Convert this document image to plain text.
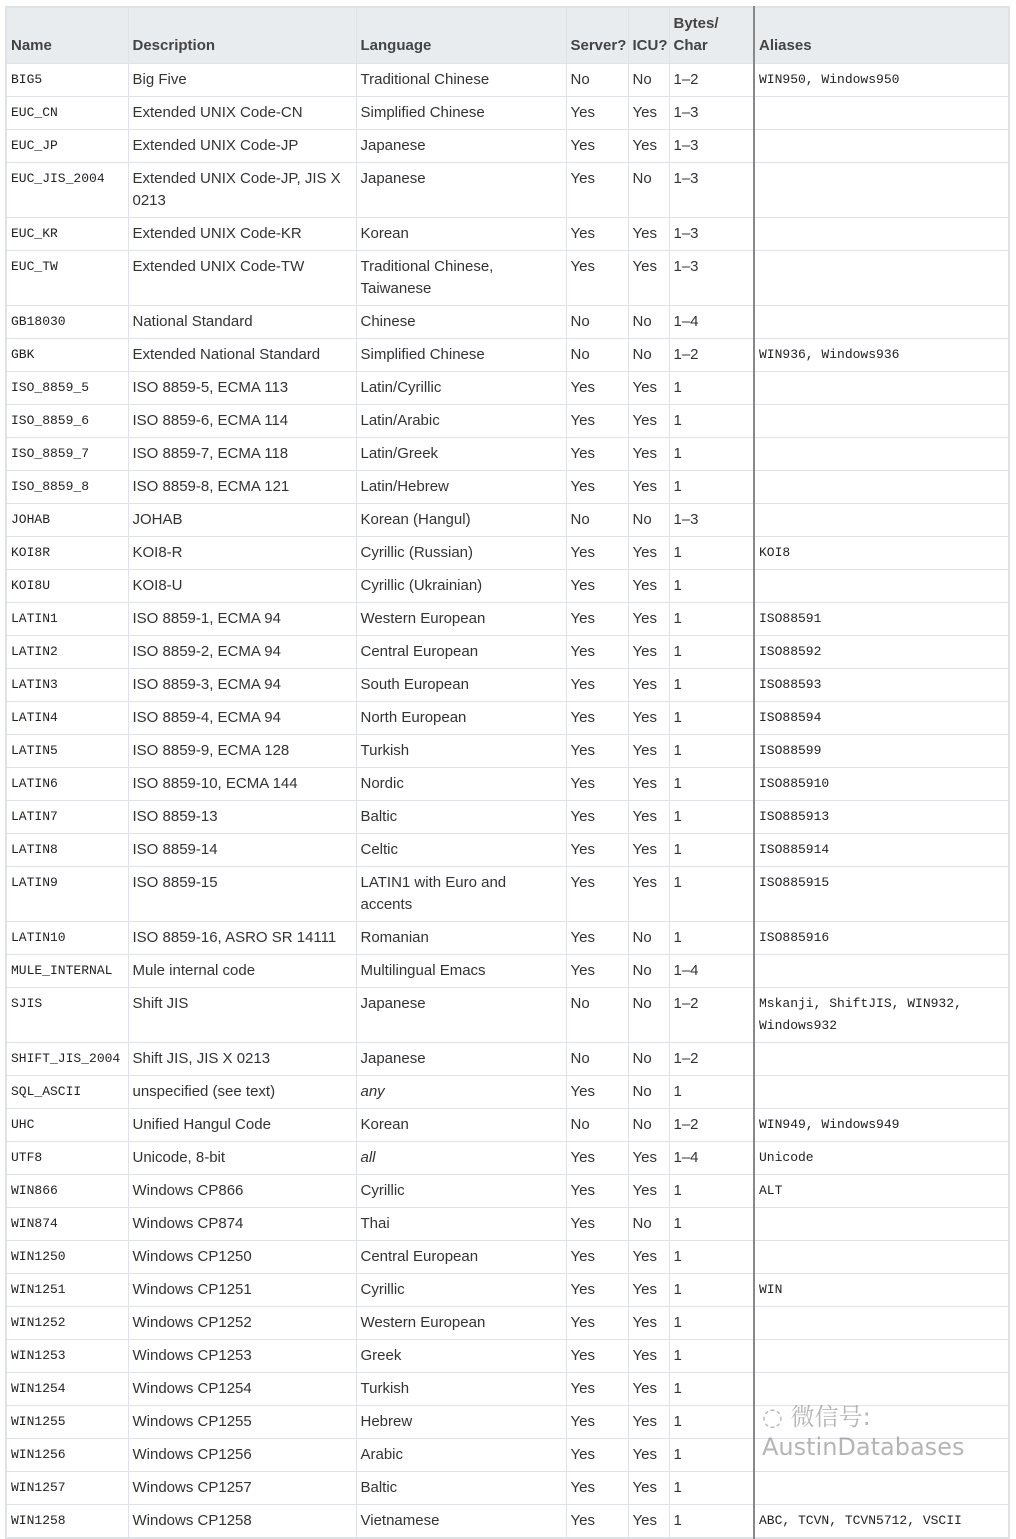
Name	Description	Language	Server?	ICU?	Bytes/ Char	Aliases
BIG5	Big Five	Traditional Chinese	No	No	1–2	WIN950, Windows950
EUC_CN	Extended UNIX Code-CN	Simplified Chinese	Yes	Yes	1–3	
EUC_JP	Extended UNIX Code-JP	Japanese	Yes	Yes	1–3	
EUC_JIS_2004	Extended UNIX Code-JP, JIS X 0213	Japanese	Yes	No	1–3	
EUC_KR	Extended UNIX Code-KR	Korean	Yes	Yes	1–3	
EUC_TW	Extended UNIX Code-TW	Traditional Chinese, Taiwanese	Yes	Yes	1–3	
GB18030	National Standard	Chinese	No	No	1–4	
GBK	Extended National Standard	Simplified Chinese	No	No	1–2	WIN936, Windows936
ISO_8859_5	ISO 8859-5, ECMA 113	Latin/Cyrillic	Yes	Yes	1	
ISO_8859_6	ISO 8859-6, ECMA 114	Latin/Arabic	Yes	Yes	1	
ISO_8859_7	ISO 8859-7, ECMA 118	Latin/Greek	Yes	Yes	1	
ISO_8859_8	ISO 8859-8, ECMA 121	Latin/Hebrew	Yes	Yes	1	
JOHAB	JOHAB	Korean (Hangul)	No	No	1–3	
KOI8R	KOI8-R	Cyrillic (Russian)	Yes	Yes	1	KOI8
KOI8U	KOI8-U	Cyrillic (Ukrainian)	Yes	Yes	1	
LATIN1	ISO 8859-1, ECMA 94	Western European	Yes	Yes	1	ISO88591
LATIN2	ISO 8859-2, ECMA 94	Central European	Yes	Yes	1	ISO88592
LATIN3	ISO 8859-3, ECMA 94	South European	Yes	Yes	1	ISO88593
LATIN4	ISO 8859-4, ECMA 94	North European	Yes	Yes	1	ISO88594
LATIN5	ISO 8859-9, ECMA 128	Turkish	Yes	Yes	1	ISO88599
LATIN6	ISO 8859-10, ECMA 144	Nordic	Yes	Yes	1	ISO885910
LATIN7	ISO 8859-13	Baltic	Yes	Yes	1	ISO885913
LATIN8	ISO 8859-14	Celtic	Yes	Yes	1	ISO885914
LATIN9	ISO 8859-15	LATIN1 with Euro and accents	Yes	Yes	1	ISO885915
LATIN10	ISO 8859-16, ASRO SR 14111	Romanian	Yes	No	1	ISO885916
MULE_INTERNAL	Mule internal code	Multilingual Emacs	Yes	No	1–4	
SJIS	Shift JIS	Japanese	No	No	1–2	Mskanji, ShiftJIS, WIN932, Windows932
SHIFT_JIS_2004	Shift JIS, JIS X 0213	Japanese	No	No	1–2	
SQL_ASCII	unspecified (see text)	any	Yes	No	1	
UHC	Unified Hangul Code	Korean	No	No	1–2	WIN949, Windows949
UTF8	Unicode, 8-bit	all	Yes	Yes	1–4	Unicode
WIN866	Windows CP866	Cyrillic	Yes	Yes	1	ALT
WIN874	Windows CP874	Thai	Yes	No	1	
WIN1250	Windows CP1250	Central European	Yes	Yes	1	
WIN1251	Windows CP1251	Cyrillic	Yes	Yes	1	WIN
WIN1252	Windows CP1252	Western European	Yes	Yes	1	
WIN1253	Windows CP1253	Greek	Yes	Yes	1	
WIN1254	Windows CP1254	Turkish	Yes	Yes	1	
WIN1255	Windows CP1255	Hebrew	Yes	Yes	1	
WIN1256	Windows CP1256	Arabic	Yes	Yes	1	
WIN1257	Windows CP1257	Baltic	Yes	Yes	1	
WIN1258	Windows CP1258	Vietnamese	Yes	Yes	1	ABC, TCVN, TCVN5712, VSCII
◌ 微信号: AustinDatabases
